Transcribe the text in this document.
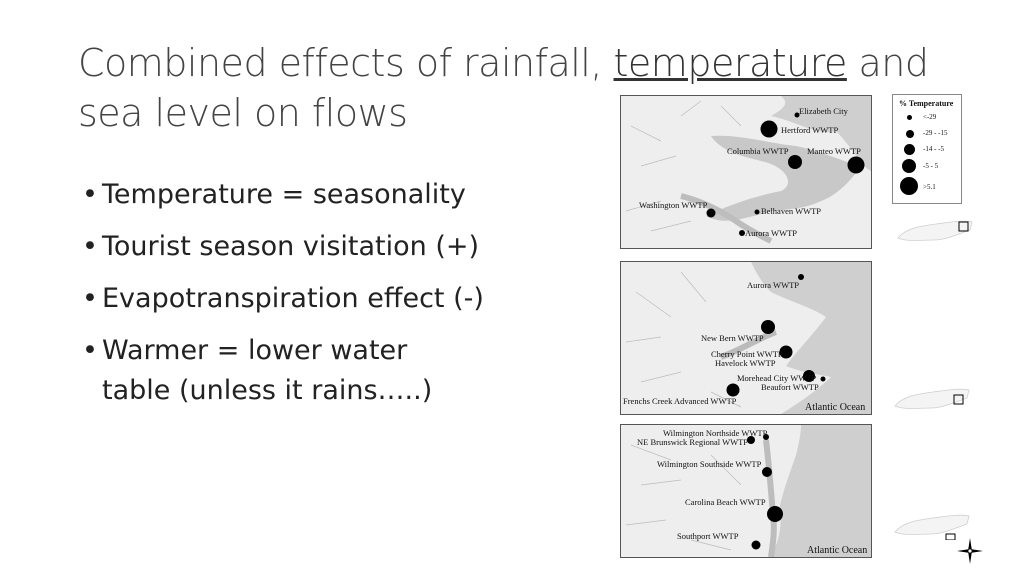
Combined effects of rainfall, temperature and sea level on flows
• Temperature = seasonality
• Tourist season visitation (+)
• Evapotranspiration effect (-)
• Warmer = lower water
table (unless it rains…..)
Elizabeth City
Hertford WWTP
Columbia WWTP Manteo WWTP
Washington WWTP
Belhaven WWTP
Aurora WWTP
Aurora WWTP
New Bern WWTP
Cherry Point WWTP
Havelock WWTP
Morehead City WWTP
Beaufort WWTP
Frenchs Creek Advanced WWTP
Atlantic Ocean
Wilmington Northside WWTP
NE Brunswick Regional WWTP
Wilmington Southside WWTP
Carolina Beach WWTP
Southport WWTP
Atlantic Ocean
% Temperature
<-29
-29 - -15
-14 - -5
-5 - 5
>5.1
